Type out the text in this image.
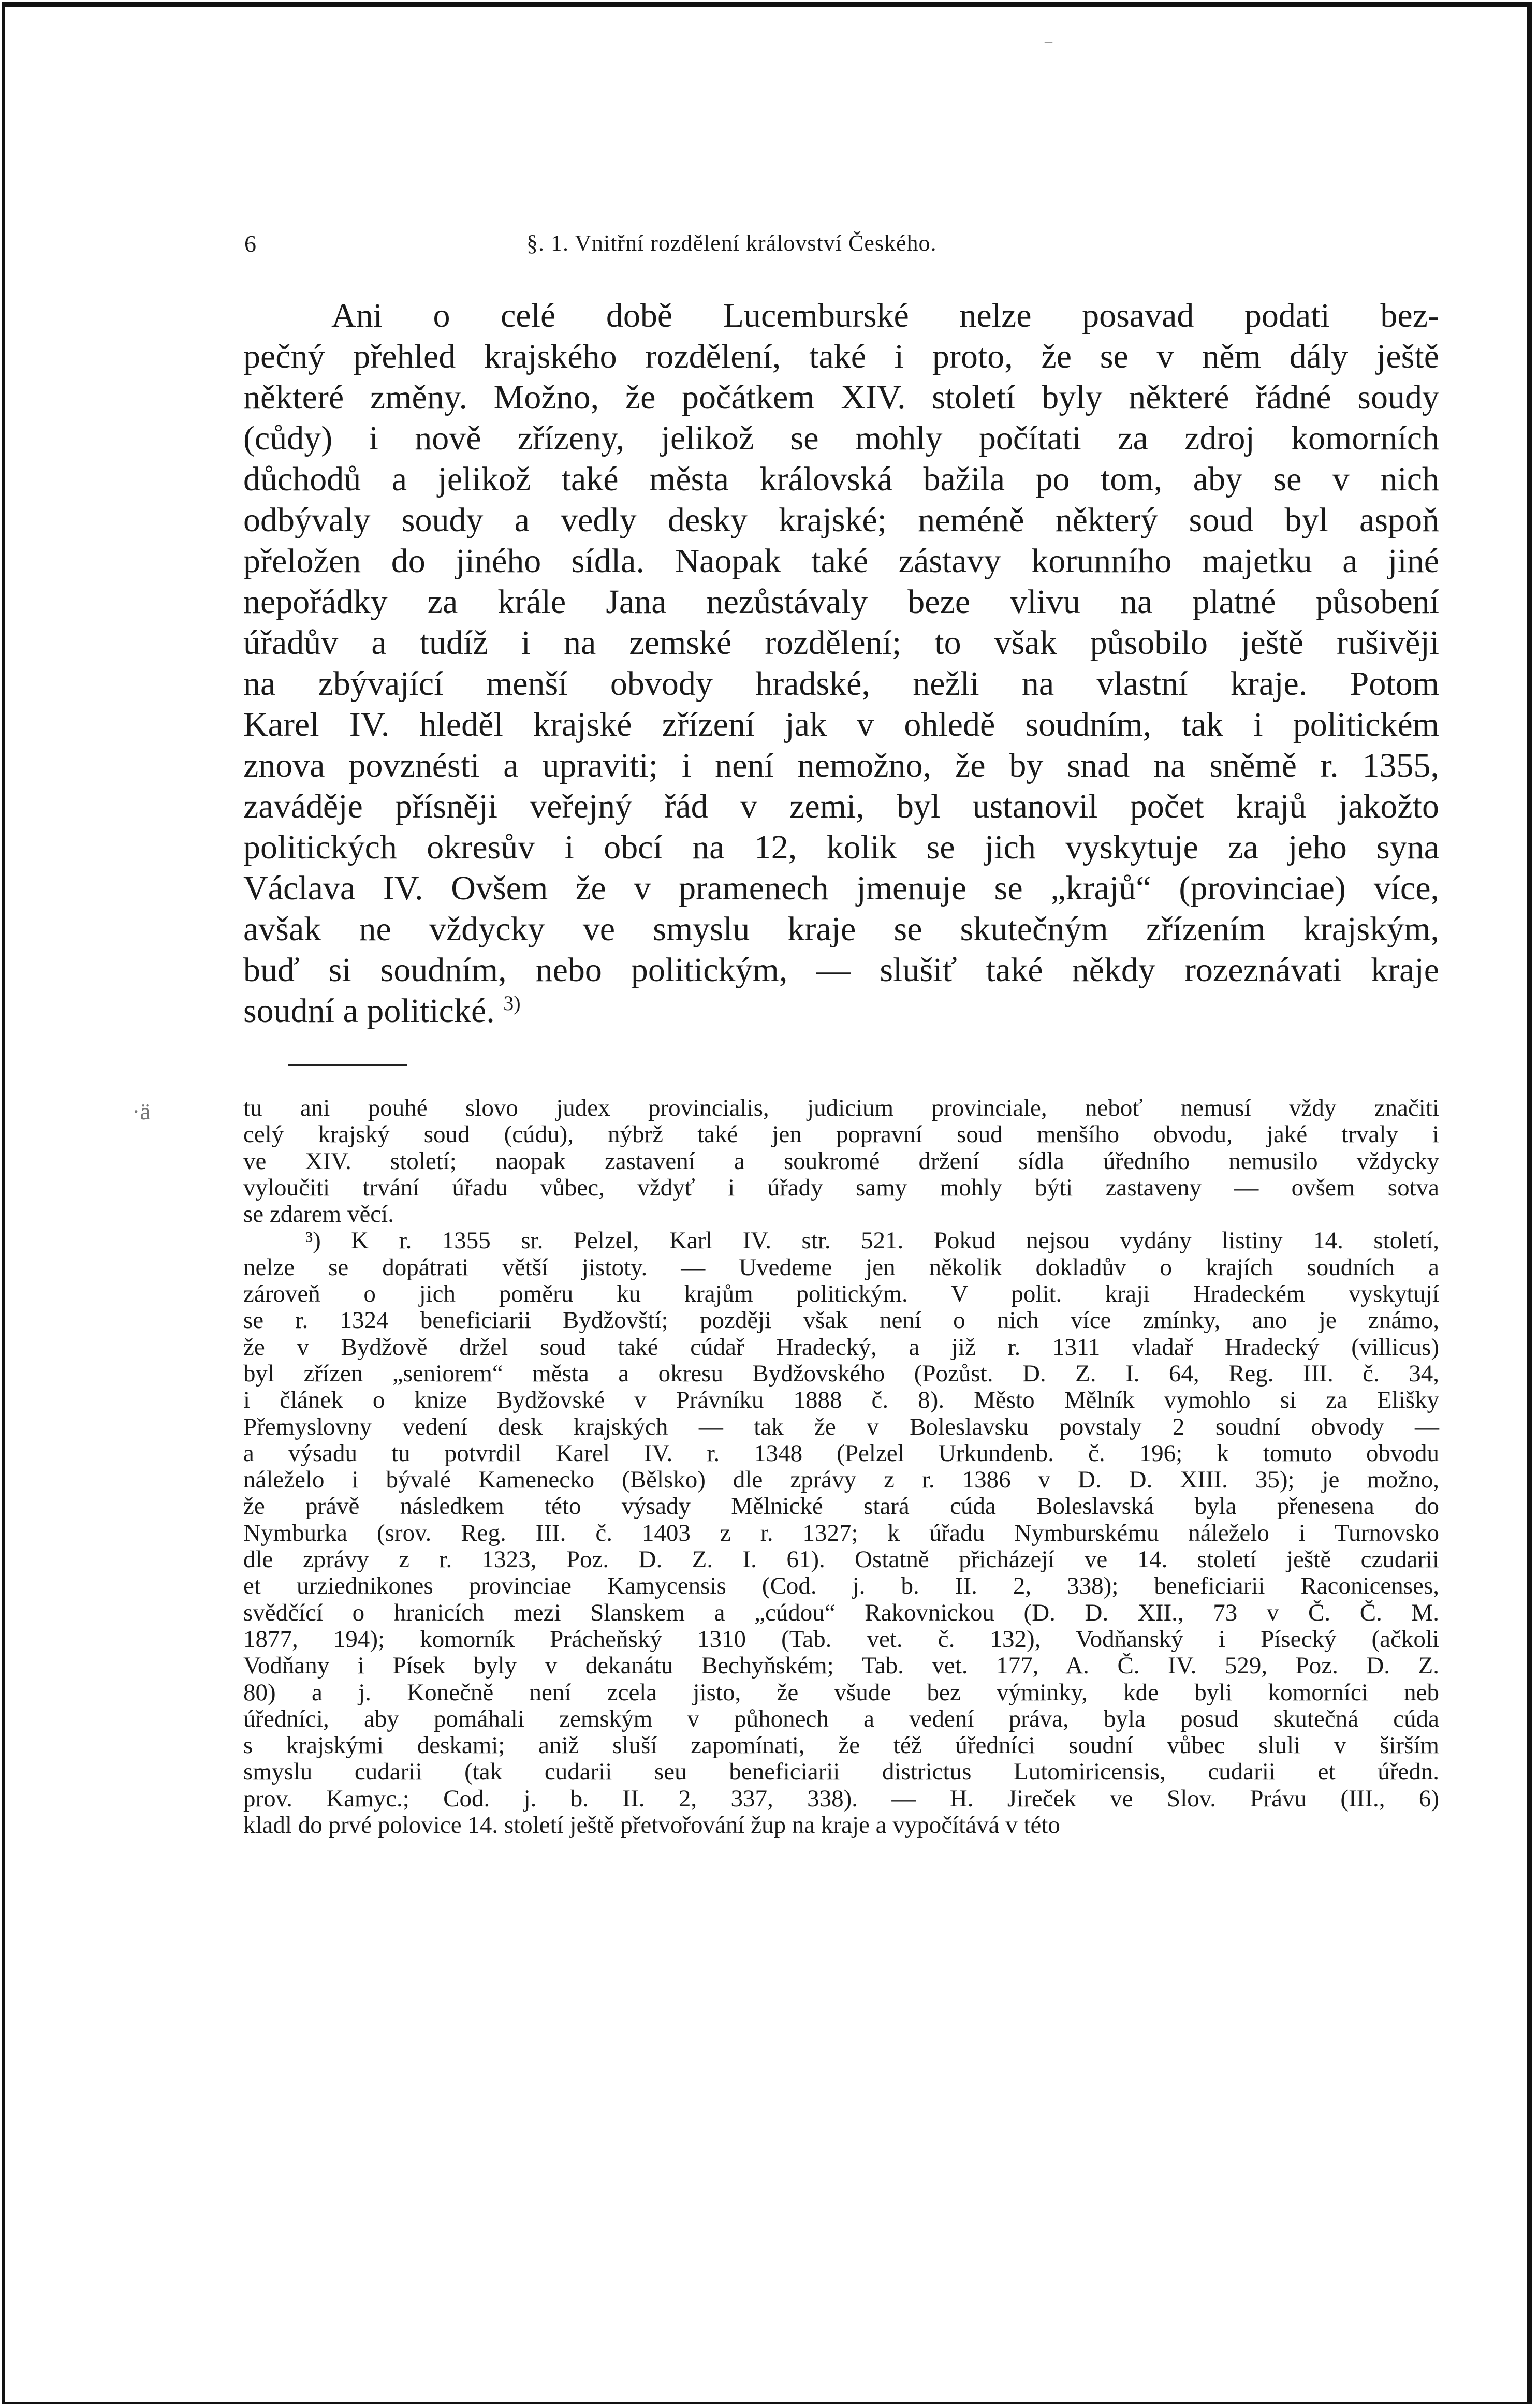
‒
6	§. 1. Vnitřní rozdělení království Českého.

Ani o celé době Lucemburské nelze posavad podati bez-
pečný přehled krajského rozdělení, také i proto, že se v něm dály ještě
některé změny. Možno, že počátkem XIV. století byly některé řádné soudy
(cůdy) i nově zřízeny, jelikož se mohly počítati za zdroj komorních
důchodů a jelikož také města královská bažila po tom, aby se v nich
odbývaly soudy a vedly desky krajské; neméně některý soud byl aspoň
přeložen do jiného sídla. Naopak také zástavy korunního majetku a jiné
nepořádky za krále Jana nezůstávaly beze vlivu na platné působení
úřadův a tudíž i na zemské rozdělení; to však působilo ještě rušivěji
na zbývající menší obvody hradské, nežli na vlastní kraje. Potom
Karel IV. hleděl krajské zřízení jak v ohledě soudním, tak i politickém
znova povznésti a upraviti; i není nemožno, že by snad na sněmě r. 1355,
zaváděje přísněji veřejný řád v zemi, byl ustanovil počet krajů jakožto
politických okresův i obcí na 12, kolik se jich vyskytuje za jeho syna
Václava IV. Ovšem že v pramenech jmenuje se „krajů“ (provinciae) více,
avšak ne vždycky ve smyslu kraje se skutečným zřízením krajským,
buď si soudním, nebo politickým, — slušiť také někdy rozeznávati kraje
soudní a politické. $^{3)}$

·ä	tu ani pouhé slovo judex provincialis, judicium provinciale, neboť nemusí vždy značiti
celý krajský soud (cúdu), nýbrž také jen popravní soud menšího obvodu, jaké trvaly i
ve XIV. století; naopak zastavení a soukromé držení sídla úředního nemusilo vždycky
vyloučiti trvání úřadu vůbec, vždyť i úřady samy mohly býti zastaveny — ovšem sotva
se zdarem věcí.
³) K r. 1355 sr. Pelzel, Karl IV. str. 521. Pokud nejsou vydány listiny 14. století,
nelze se dopátrati větší jistoty. — Uvedeme jen několik dokladův o krajích soudních a
zároveň o jich poměru ku krajům politickým. V polit. kraji Hradeckém vyskytují
se r. 1324 beneficiarii Bydžovští; později však není o nich více zmínky, ano je známo,
že v Bydžově držel soud také cúdař Hradecký, a již r. 1311 vladař Hradecký (villicus)
byl zřízen „seniorem“ města a okresu Bydžovského (Pozůst. D. Z. I. 64, Reg. III. č. 34,
i článek o knize Bydžovské v Právníku 1888 č. 8). Město Mělník vymohlo si za Elišky
Přemyslovny vedení desk krajských — tak že v Boleslavsku povstaly 2 soudní obvody —
a výsadu tu potvrdil Karel IV. r. 1348 (Pelzel Urkundenb. č. 196; k tomuto obvodu
náleželo i bývalé Kamenecko (Bělsko) dle zprávy z r. 1386 v D. D. XIII. 35); je možno,
že právě následkem této výsady Mělnické stará cúda Boleslavská byla přenesena do
Nymburka (srov. Reg. III. č. 1403 z r. 1327; k úřadu Nymburskému náleželo i Turnovsko
dle zprávy z r. 1323, Poz. D. Z. I. 61). Ostatně přicházejí ve 14. století ještě czudarii
et urziednikones provinciae Kamycensis (Cod. j. b. II. 2, 338); beneficiarii Raconicenses,
svědčící o hranicích mezi Slanskem a „cúdou“ Rakovnickou (D. D. XII., 73 v Č. Č. M.
1877, 194); komorník Prácheňský 1310 (Tab. vet. č. 132), Vodňanský i Písecký (ačkoli
Vodňany i Písek byly v dekanátu Bechyňském; Tab. vet. 177, A. Č. IV. 529, Poz. D. Z.
80) a j. Konečně není zcela jisto, že všude bez výminky, kde byli komorníci neb
úředníci, aby pomáhali zemským v půhonech a vedení práva, byla posud skutečná cúda
s krajskými deskami; aniž sluší zapomínati, že též úředníci soudní vůbec sluli v širším
smyslu cudarii (tak cudarii seu beneficiarii districtus Lutomiricensis, cudarii et úředn.
prov. Kamyc.; Cod. j. b. II. 2, 337, 338). — H. Jireček ve Slov. Právu (III., 6)
kladl do prvé polovice 14. století ještě přetvořování žup na kraje a vypočítává v této
